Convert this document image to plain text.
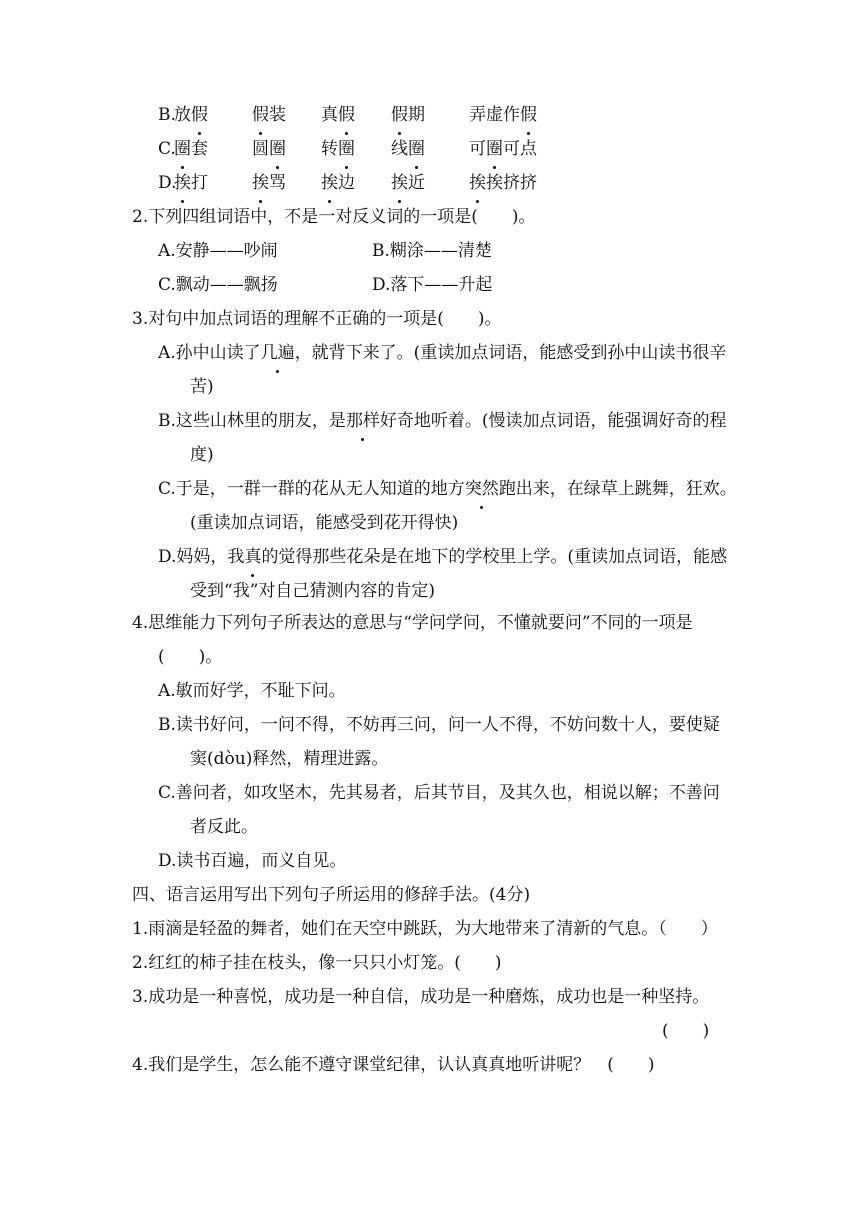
B.
放假	假装 真假 假期	弄虚作假
C.
圈套	圆圈 转圈 线圈	可圈可点
D.
挨打	挨骂 挨边 挨近	挨挨挤挤
2.下列四组词语中，不是一对反义词的一项是(　　)。
A.安静——吵闹	B.糊涂——清楚
C.飘动——飘扬	D.落下——升起
3.对句中加点词语的理解不正确的一项是(　　)。
A.孙中山读了几遍，就背下来了。(重读加点词语，能感受到孙中山读书很辛
苦)
B.这些山林里的朋友，是那样好奇地听着。(慢读加点词语，能强调好奇的程
度)
C.于是，一群一群的花从无人知道的地方突然跑出来，在绿草上跳舞，狂欢。
(重读加点词语，能感受到花开得快)
D.妈妈，我真的觉得那些花朵是在地下的学校里上学。(重读加点词语，能感
受到“我”对自己猜测内容的肯定)
4.思维能力下列句子所表达的意思与“学问学问，不懂就要问”不同的一项是
(　　)。
A.敏而好学，不耻下问。
B.读书好问，一问不得，不妨再三问，问一人不得，不妨问数十人，要使疑
窦(dòu)释然，精理进露。
C.善问者，如攻坚木，先其易者，后其节目，及其久也，相说以解；不善问
者反此。
D.读书百遍，而义自见。
四、语言运用写出下列句子所运用的修辞手法。(4分)
1.雨滴是轻盈的舞者，她们在天空中跳跃，为大地带来了清新的气息。（　　）
2.红红的柿子挂在枝头，像一只只小灯笼。(　　)
3.成功是一种喜悦，成功是一种自信，成功是一种磨炼，成功也是一种坚持。
(　　)
4.我们是学生，怎么能不遵守课堂纪律，认认真真地听讲呢？　(　　)
